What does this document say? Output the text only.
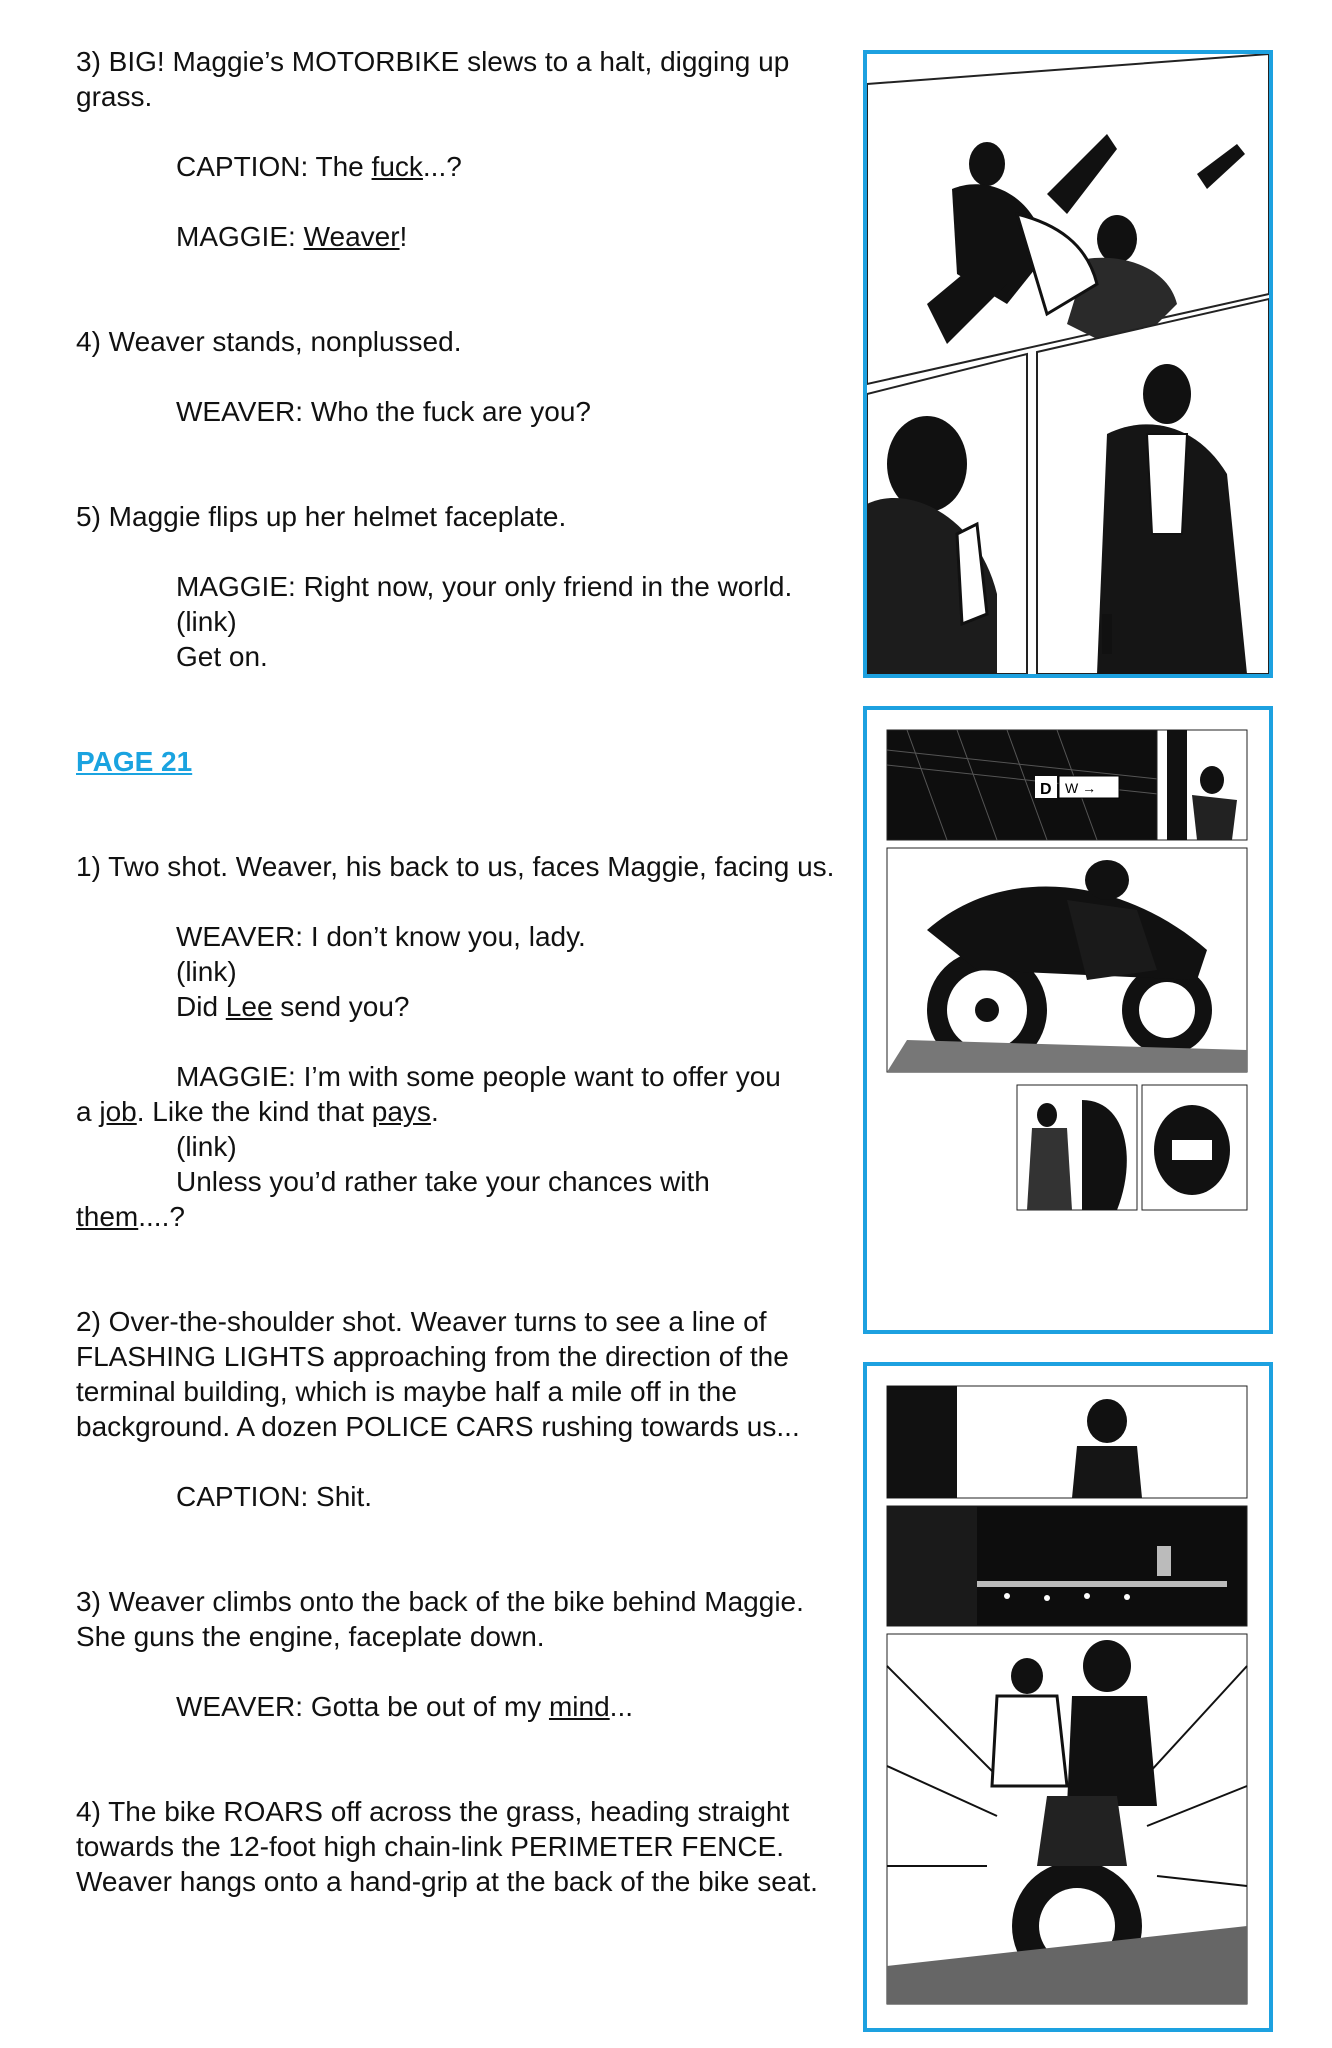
3) BIG! Maggie’s MOTORBIKE slews to a halt, digging up grass.

CAPTION: The fuck...?

MAGGIE: Weaver!

4) Weaver stands, nonplussed.

WEAVER: Who the fuck are you?

5) Maggie flips up her helmet faceplate.

MAGGIE: Right now, your only friend in the world.

(link)

Get on.

PAGE 21

1) Two shot. Weaver, his back to us, faces Maggie, facing us.

WEAVER: I don’t know you, lady.

(link)

Did Lee send you?

MAGGIE: I’m with some people want to offer you

a job. Like the kind that pays.

(link)

Unless you’d rather take your chances with

them....?

2) Over-the-shoulder shot. Weaver turns to see a line of FLASHING LIGHTS approaching from the direction of the terminal building, which is maybe half a mile off in the background. A dozen POLICE CARS rushing towards us...

CAPTION: Shit.

3) Weaver climbs onto the back of the bike behind Maggie. She guns the engine, faceplate down.

WEAVER: Gotta be out of my mind...

4) The bike ROARS off across the grass, heading straight towards the 12-foot high chain-link PERIMETER FENCE. Weaver hangs onto a hand-grip at the back of the bike seat.

D W →
